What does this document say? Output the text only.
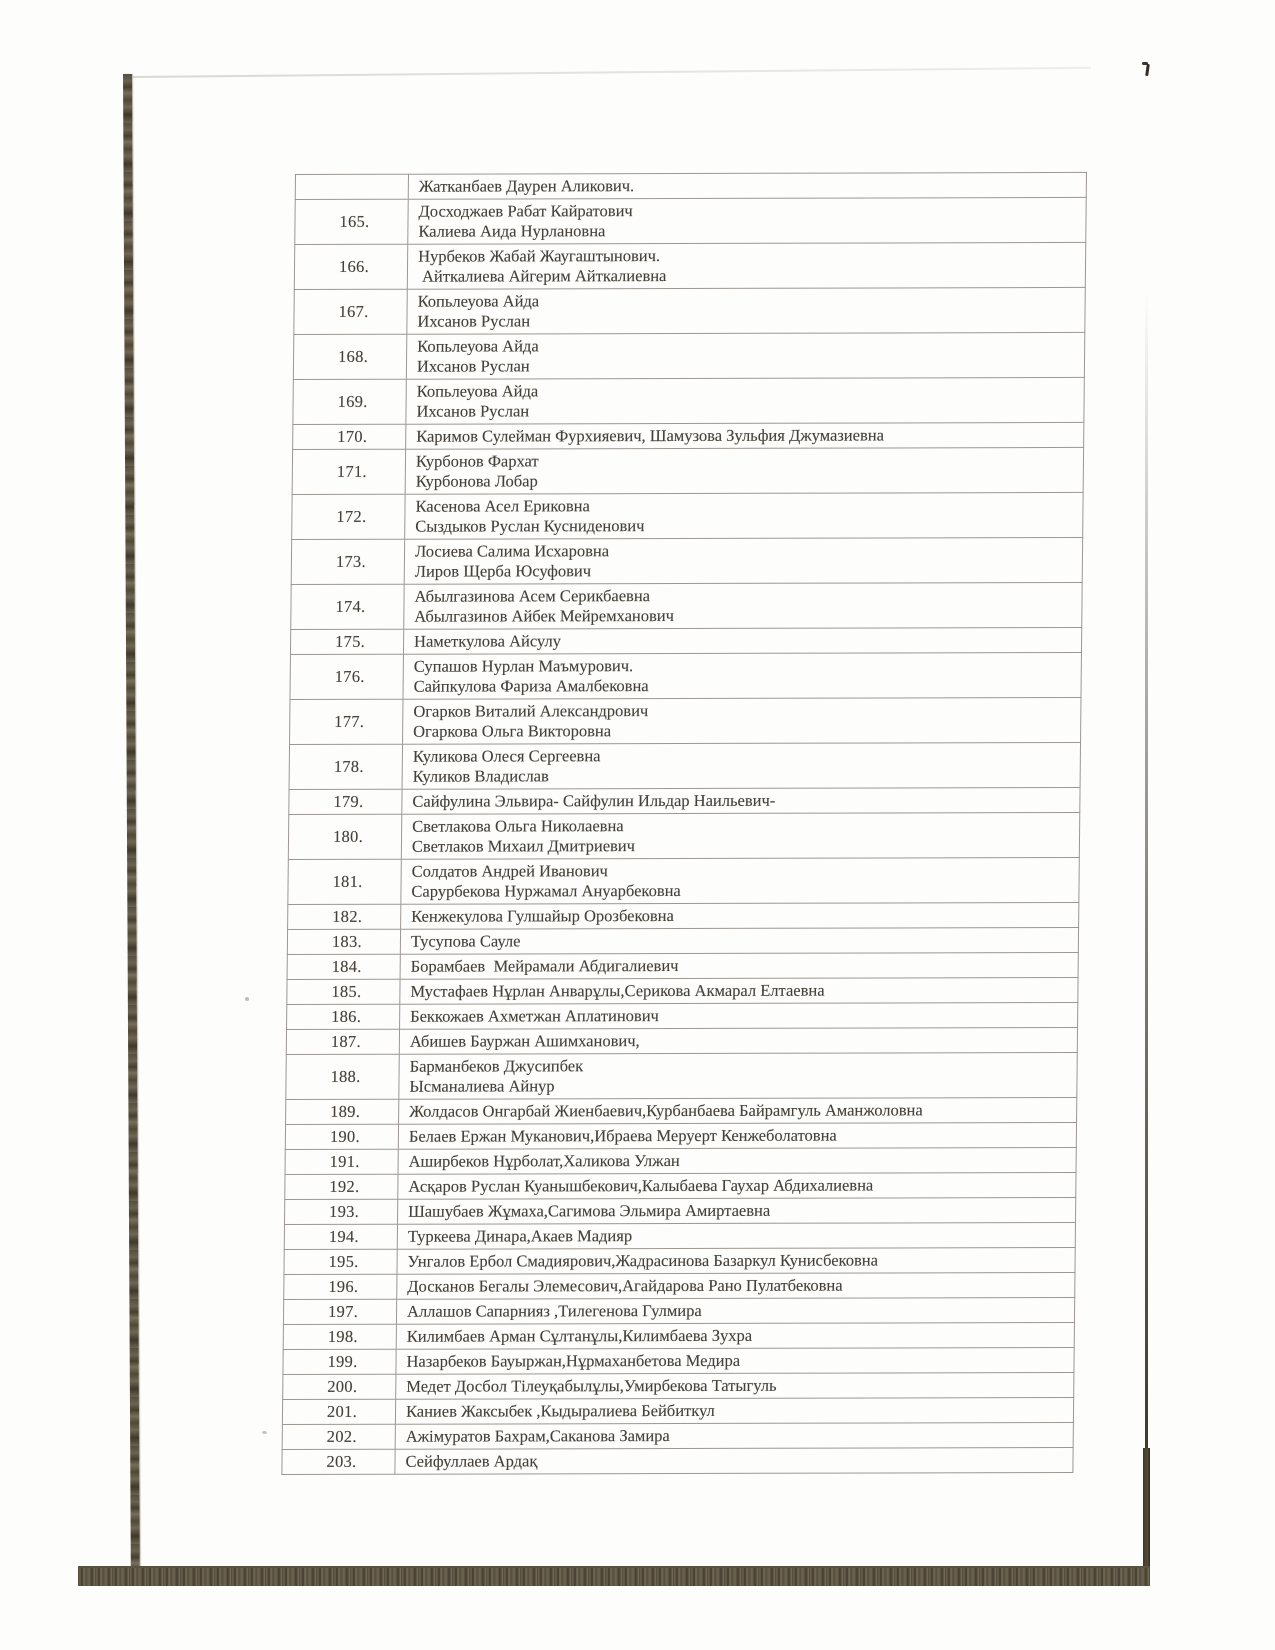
	Жатканбаев Даурен Аликович.

165.	Досходжаев Рабат Кайратович
Калиева Аида Нурлановна

166.	Нурбеков Жабай Жаугаштынович.
Айткалиева Айгерим Айткалиевна

167.	Копьлеуова Айда
Ихсанов Руслан

168.	Копьлеуова Айда
Ихсанов Руслан

169.	Копьлеуова Айда
Ихсанов Руслан

170.	Каримов Сулейман Фурхияевич, Шамузова Зульфия Джумазиевна

171.	Курбонов Фархат
Курбонова Лобар

172.	Касенова Асел Ериковна
Сыздыков Руслан Кусниденович

173.	Лосиева Салима Исхаровна
Лиров Щерба Юсуфович

174.	Абылгазинова Асем Серикбаевна
Абылгазинов Айбек Мейремханович

175.	Наметкулова Айсулу

176.	Супашов Нурлан Маъмурович.
Сайпкулова Фариза Амалбековна

177.	Огарков Виталий Александрович
Огаркова Ольга Викторовна

178.	Куликова Олеся Сергеевна
Куликов Владислав

179.	Сайфулина Эльвира- Сайфулин Ильдар Наильевич-

180.	Светлакова Ольга Николаевна
Светлаков Михаил Дмитриевич

181.	Солдатов Андрей Иванович
Сарурбекова Нуржамал Ануарбековна

182.	Кенжекулова Гулшайыр Орозбековна

183.	Тусупова Сауле

184.	Борамбаев  Мейрамали Абдигалиевич

185.	Мустафаев Нұрлан Анварұлы,Серикова Акмарал Елтаевна

186.	Беккожаев Ахметжан Аплатинович

187.	Абишев Бауржан Ашимханович,

188.	Барманбеков Джусипбек
Ысманалиева Айнур

189.	Жолдасов Онгарбай Жиенбаевич,Курбанбаева Байрамгуль Аманжоловна

190.	Белаев Ержан Муканович,Ибраева Меруерт Кенжеболатовна

191.	Аширбеков Нұрболат,Халикова Улжан

192.	Асқаров Руслан Куанышбекович,Калыбаева Гаухар Абдихалиевна

193.	Шашубаев Жұмаха,Сагимова Эльмира Амиртаевна

194.	Туркеева Динара,Акаев Мадияр

195.	Унгалов Ербол Смадиярович,Жадрасинова Базаркул Кунисбековна

196.	Досканов Бегалы Элемесович,Агайдарова Рано Пулатбековна

197.	Аллашов Сапарнияз ,Тилегенова Гулмира

198.	Килимбаев Арман Сұлтанұлы,Килимбаева Зухра

199.	Назарбеков Бауыржан,Нұрмаханбетова Медира

200.	Медет Досбол Тілеуқабылұлы,Умирбекова Татыгуль

201.	Каниев Жаксыбек ,Кыдыралиева Бейбиткул

202.	Ажімуратов Бахрам,Саканова Замира

203.	Сейфуллаев Ардақ
